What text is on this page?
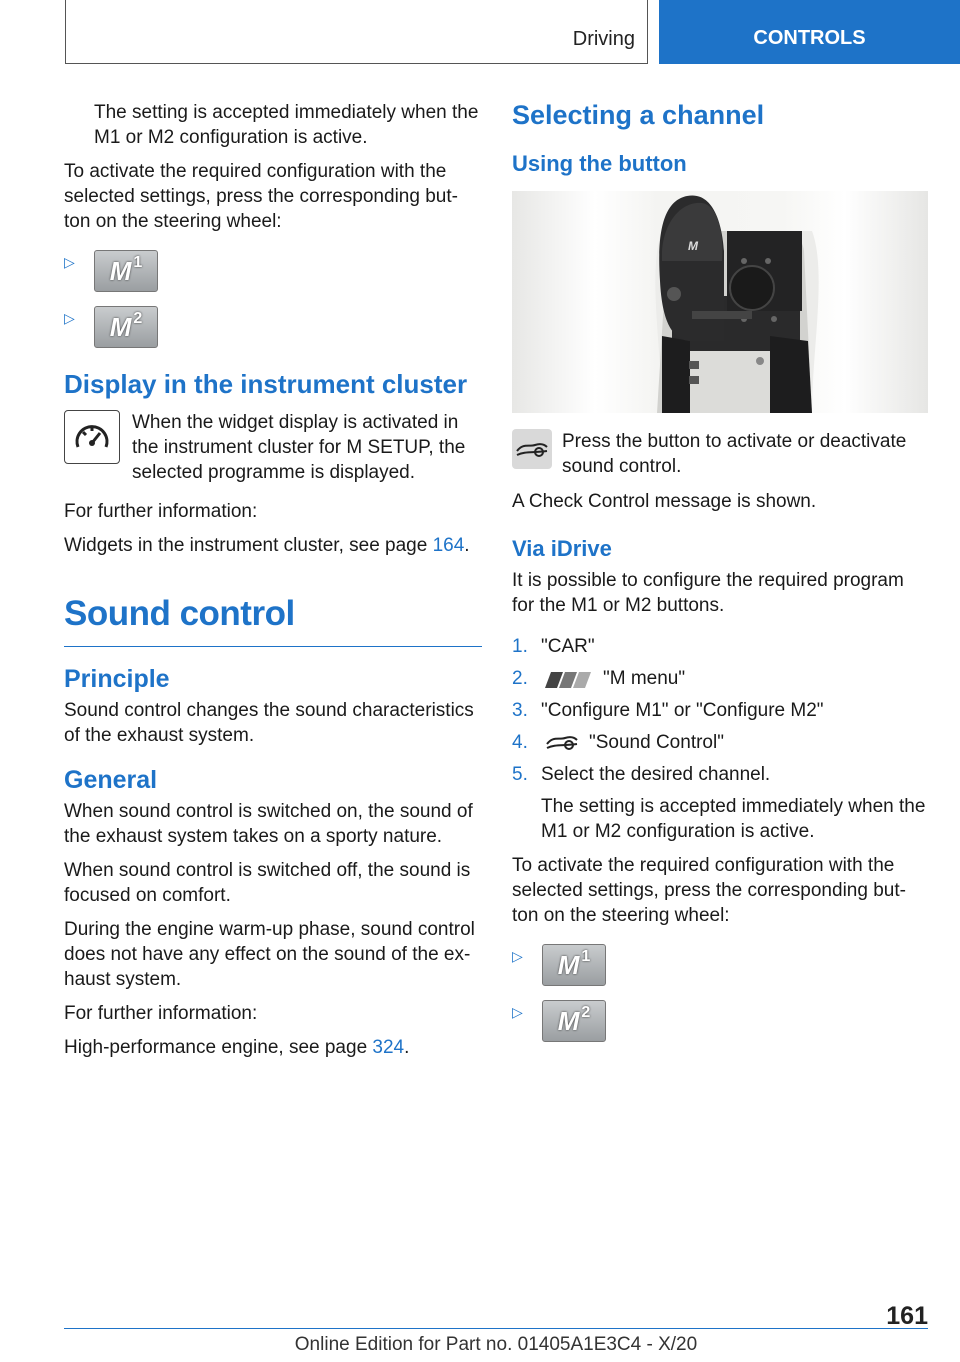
Driving	CONTROLS

The setting is accepted immediately when the M1 or M2 configuration is active.

To activate the required configuration with the selected settings, press the corresponding but‐ton on the steering wheel:

▷	$M^1$
▷	$M^2$
Display in the instrument cluster

When the widget display is activated in the instrument cluster for M SETUP, the selected programme is displayed.

For further information:

Widgets in the instrument cluster, see page 164.

Sound control
Principle

Sound control changes the sound characteristics of the exhaust system.

General

When sound control is switched on, the sound of the exhaust system takes on a sporty nature.

When sound control is switched off, the sound is focused on comfort.

During the engine warm-up phase, sound control does not have any effect on the sound of the ex‐haust system.

For further information:

High-performance engine, see page 324.

Selecting a channel
Using the button
M

Press the button to activate or deactivate sound control.

A Check Control message is shown.

Via iDrive

It is possible to configure the required program for the M1 or M2 buttons.

1. "CAR"
2.	"M menu"
3. "Configure M1" or "Configure M2"
4.	"Sound Control"
5. Select the desired channel.

The setting is accepted immediately when the M1 or M2 configuration is active.

To activate the required configuration with the selected settings, press the corresponding but‐ton on the steering wheel:

▷	$M^1$
▷	$M^2$
161
Online Edition for Part no. 01405A1E3C4 - X/20
